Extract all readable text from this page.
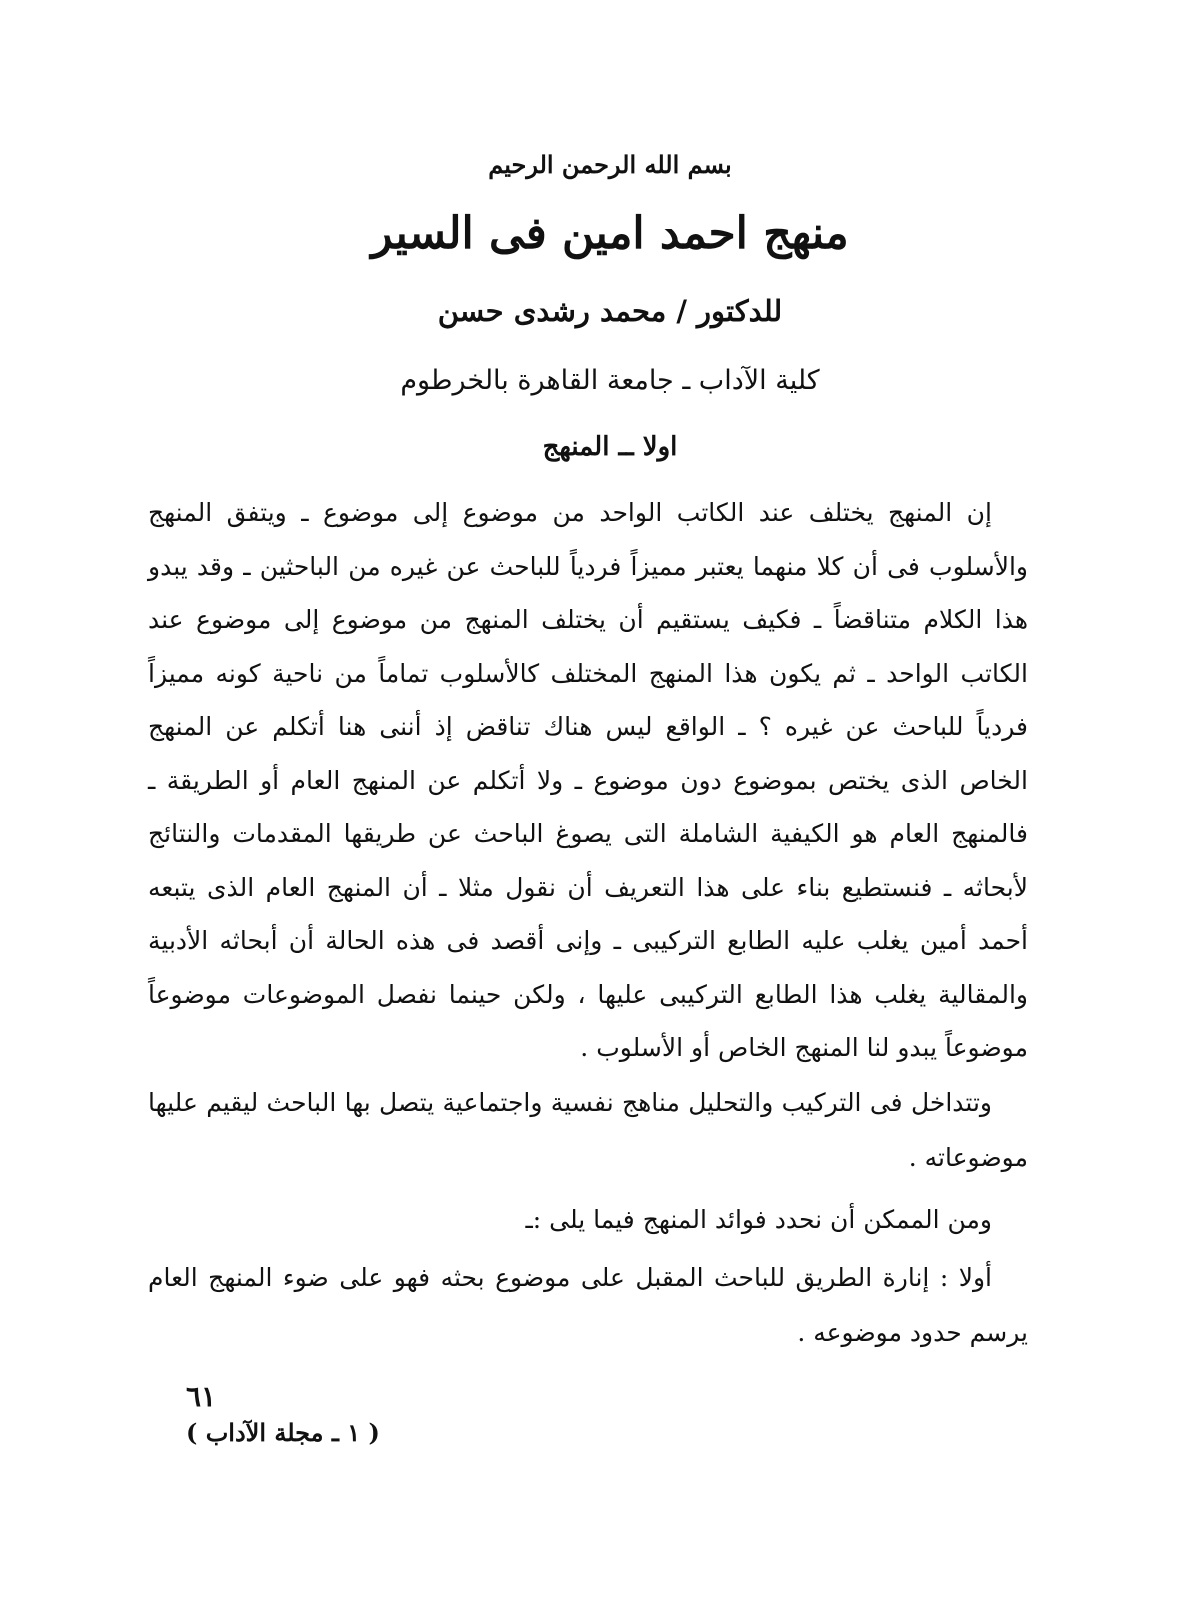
بسم الله الرحمن الرحيم
منهج احمد امين فى السير
للدكتور / محمد رشدى حسن
كلية الآداب ـ جامعة القاهرة بالخرطوم
اولا ــ المنهج

إن المنهج يختلف عند الكاتب الواحد من موضوع إلى موضوع ـ ويتفق المنهج والأسلوب فى أن كلا منهما يعتبر مميزاً فردياً للباحث عن غيره من الباحثين ـ وقد يبدو هذا الكلام متناقضاً ـ فكيف يستقيم أن يختلف المنهج من موضوع إلى موضوع عند الكاتب الواحد ـ ثم يكون هذا المنهج المختلف كالأسلوب تماماً من ناحية كونه مميزاً فردياً للباحث عن غيره ؟ ـ الواقع ليس هناك تناقض إذ أننى هنا أتكلم عن المنهج الخاص الذى يختص بموضوع دون موضوع ـ ولا أتكلم عن المنهج العام أو الطريقة ـ فالمنهج العام هو الكيفية الشاملة التى يصوغ الباحث عن طريقها المقدمات والنتائج لأبحاثه ـ فنستطيع بناء على هذا التعريف أن نقول مثلا ـ أن المنهج العام الذى يتبعه أحمد أمين يغلب عليه الطابع التركيبى ـ وإنى أقصد فى هذه الحالة أن أبحاثه الأدبية والمقالية يغلب هذا الطابع التركيبى عليها ، ولكن حينما نفصل الموضوعات موضوعاً موضوعاً يبدو لنا المنهج الخاص أو الأسلوب .

وتتداخل فى التركيب والتحليل مناهج نفسية واجتماعية يتصل بها الباحث ليقيم عليها موضوعاته .

ومن الممكن أن نحدد فوائد المنهج فيما يلى :ـ

أولا : إنارة الطريق للباحث المقبل على موضوع بحثه فهو على ضوء المنهج العام يرسم حدود موضوعه .

٦١
( ١ ـ مجلة الآداب )
